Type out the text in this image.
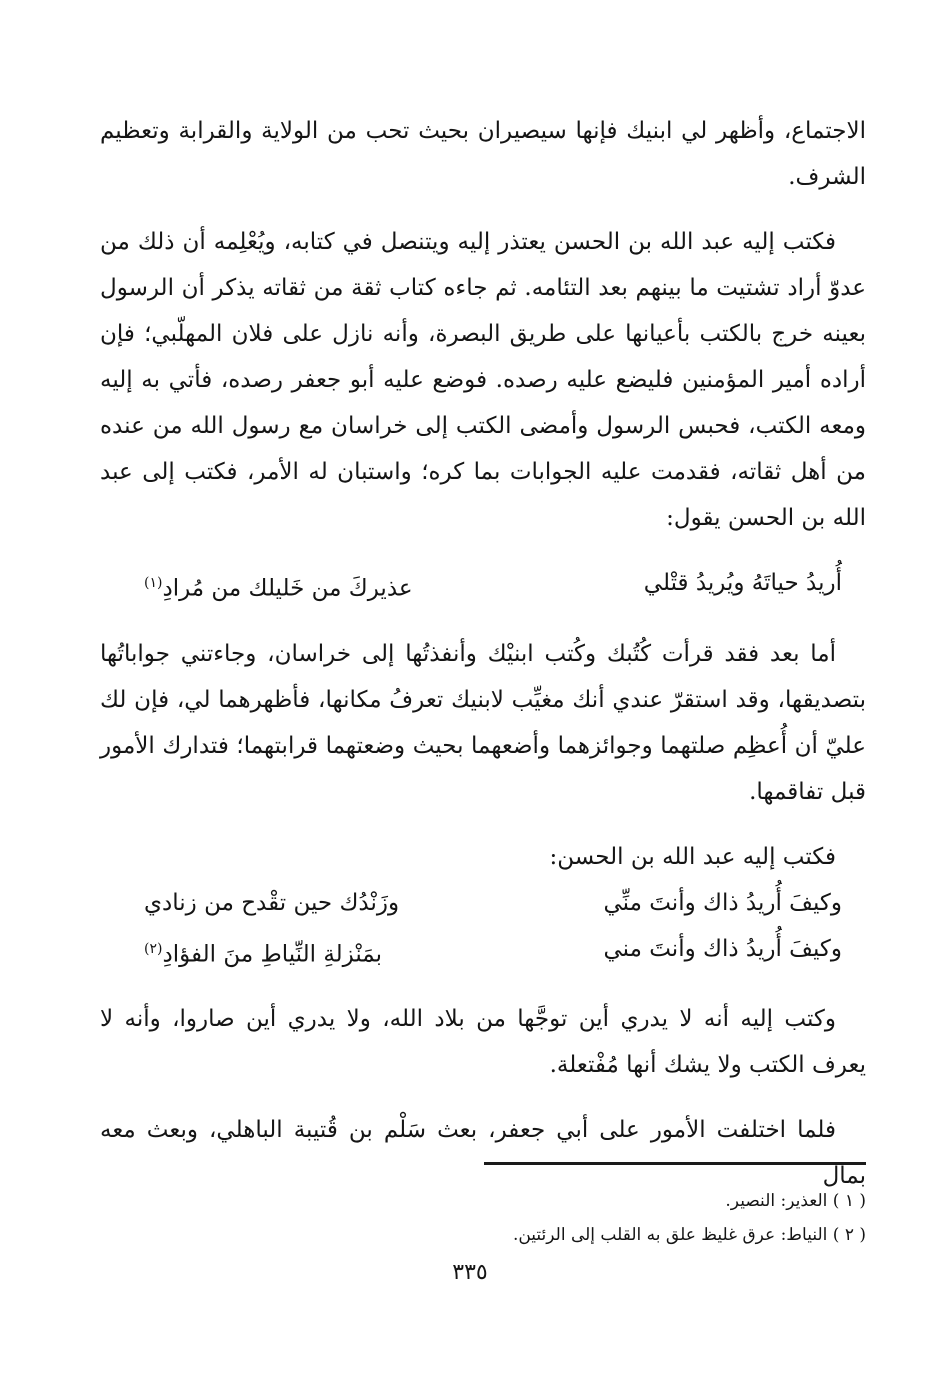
الاجتماع، وأظهر لي ابنيك فإنها سيصيران بحيث تحب من الولاية والقرابة وتعظيم الشرف.

فكتب إليه عبد الله بن الحسن يعتذر إليه ويتنصل في كتابه، ويُعْلِمه أن ذلك من عدوّ أراد تشتيت ما بينهم بعد التئامه. ثم جاءه كتاب ثقة من ثقاته يذكر أن الرسول بعينه خرج بالكتب بأعيانها على طريق البصرة، وأنه نازل على فلان المهلّبي؛ فإن أراده أمير المؤمنين فليضع عليه رصده. فوضع عليه أبو جعفر رصده، فأتي به إليه ومعه الكتب، فحبس الرسول وأمضى الكتب إلى خراسان مع رسول الله من عنده من أهل ثقاته، فقدمت عليه الجوابات بما كره؛ واستبان له الأمر، فكتب إلى عبد الله بن الحسن يقول:

أُريدُ حياتَهُ ويُريدُ قتْلي
عذيركَ من خَليلك من مُرادِ$^{(١)}$

أما بعد فقد قرأت كُتُبك وكُتب ابنيْك وأنفذتُها إلى خراسان، وجاءتني جواباتُها بتصديقها، وقد استقرّ عندي أنك مغيِّب لابنيك تعرفُ مكانها، فأظهرهما لي، فإن لك عليّ أن أُعظِم صلتهما وجوائزهما وأضعهما بحيث وضعتهما قرابتهما؛ فتدارك الأمور قبل تفاقمها.

فكتب إليه عبد الله بن الحسن:

وكيفَ أُريدُ ذاك وأنتَ منِّي
وزَنْدُك حين تقْدح من زنادي

وكيفَ أُريدُ ذاك وأنتَ مني
بمَنْزلةِ النِّياطِ منَ الفؤادِ$^{(٢)}$

وكتب إليه أنه لا يدري أين توجَّها من بلاد الله، ولا يدري أين صاروا، وأنه لا يعرف الكتب ولا يشك أنها مُفْتعلة.

فلما اختلفت الأمور على أبي جعفر، بعث سَلْم بن قُتيبة الباهلي، وبعث معه بمال

( ١ ) العذير: النصير.

( ٢ ) النياط: عرق غليظ علق به القلب إلى الرئتين.

٣٣٥
